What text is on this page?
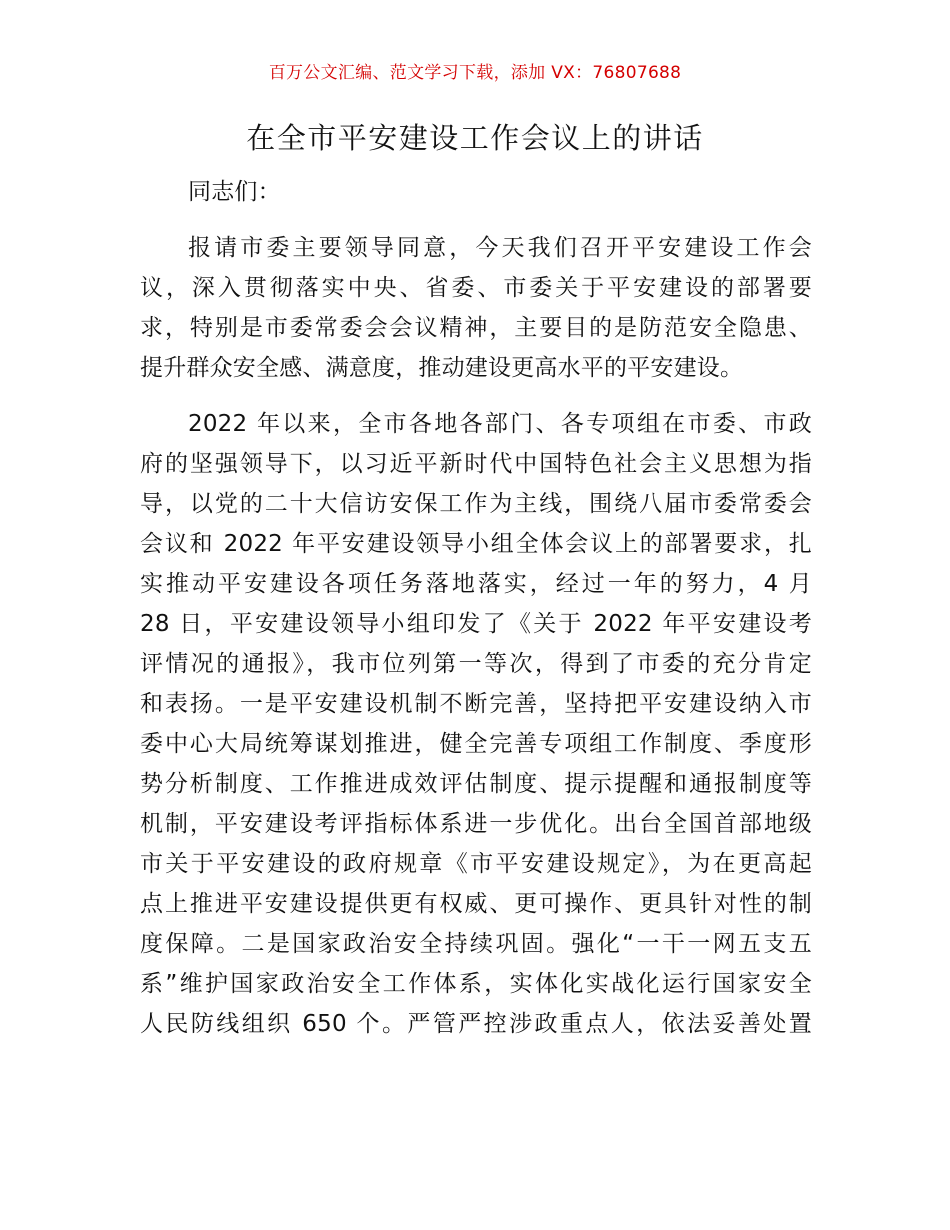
百万公文汇编、范文学习下载，添加 VX：76807688
在全市平安建设工作会议上的讲话
同志们：
报请市委主要领导同意，今天我们召开平安建设工作会
议，深入贯彻落实中央、省委、市委关于平安建设的部署要
求，特别是市委常委会会议精神，主要目的是防范安全隐患、
提升群众安全感、满意度，推动建设更高水平的平安建设。
2022 年以来，全市各地各部门、各专项组在市委、市政
府的坚强领导下，以习近平新时代中国特色社会主义思想为指
导，以党的二十大信访安保工作为主线，围绕八届市委常委会
会议和 2022 年平安建设领导小组全体会议上的部署要求，扎
实推动平安建设各项任务落地落实，经过一年的努力，4 月
28 日，平安建设领导小组印发了《关于 2022 年平安建设考
评情况的通报》，我市位列第一等次，得到了市委的充分肯定
和表扬。一是平安建设机制不断完善，坚持把平安建设纳入市
委中心大局统筹谋划推进，健全完善专项组工作制度、季度形
势分析制度、工作推进成效评估制度、提示提醒和通报制度等
机制，平安建设考评指标体系进一步优化。出台全国首部地级
市关于平安建设的政府规章《市平安建设规定》，为在更高起
点上推进平安建设提供更有权威、更可操作、更具针对性的制
度保障。二是国家政治安全持续巩固。强化“一干一网五支五
系”维护国家政治安全工作体系，实体化实战化运行国家安全
人民防线组织 650 个。严管严控涉政重点人，依法妥善处置
